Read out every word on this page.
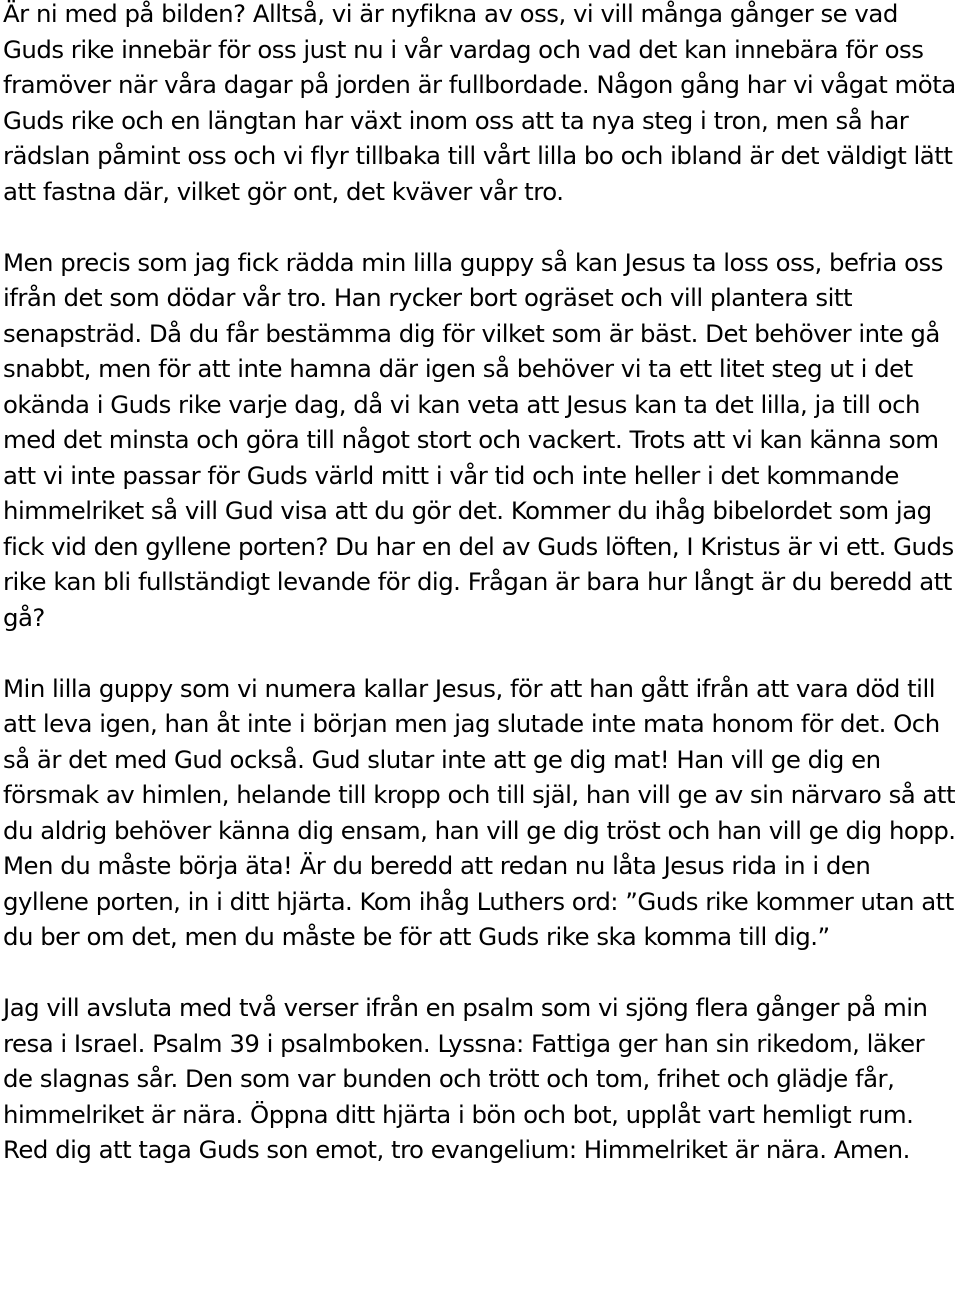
Är ni med på bilden? Alltså, vi är nyfikna av oss, vi vill många gånger se vad Guds rike innebär för oss just nu i vår vardag och vad det kan innebära för oss framöver när våra dagar på jorden är fullbordade. Någon gång har vi vågat möta Guds rike och en längtan har växt inom oss att ta nya steg i tron, men så har rädslan påmint oss och vi flyr tillbaka till vårt lilla bo och ibland är det väldigt lätt att fastna där, vilket gör ont, det kväver vår tro.

Men precis som jag fick rädda min lilla guppy så kan Jesus ta loss oss, befria oss ifrån det som dödar vår tro. Han rycker bort ogräset och vill plantera sitt senapsträd. Då du får bestämma dig för vilket som är bäst. Det behöver inte gå snabbt, men för att inte hamna där igen så behöver vi ta ett litet steg ut i det okända i Guds rike varje dag, då vi kan veta att Jesus kan ta det lilla, ja till och med det minsta och göra till något stort och vackert. Trots att vi kan känna som att vi inte passar för Guds värld mitt i vår tid och inte heller i det kommande himmelriket så vill Gud visa att du gör det. Kommer du ihåg bibelordet som jag fick vid den gyllene porten? Du har en del av Guds löften, I Kristus är vi ett. Guds rike kan bli fullständigt levande för dig. Frågan är bara hur långt är du beredd att gå?

Min lilla guppy som vi numera kallar Jesus, för att han gått ifrån att vara död till att leva igen, han åt inte i början men jag slutade inte mata honom för det. Och så är det med Gud också. Gud slutar inte att ge dig mat! Han vill ge dig en försmak av himlen, helande till kropp och till själ, han vill ge av sin närvaro så att du aldrig behöver känna dig ensam, han vill ge dig tröst och han vill ge dig hopp.

Men du måste börja äta! Är du beredd att redan nu låta Jesus rida in i den gyllene porten, in i ditt hjärta. Kom ihåg Luthers ord: ”Guds rike kommer utan att du ber om det, men du måste be för att Guds rike ska komma till dig.”

Jag vill avsluta med två verser ifrån en psalm som vi sjöng flera gånger på min resa i Israel. Psalm 39 i psalmboken. Lyssna: Fattiga ger han sin rikedom, läker de slagnas sår. Den som var bunden och trött och tom, frihet och glädje får, himmelriket är nära. Öppna ditt hjärta i bön och bot, upplåt vart hemligt rum. Red dig att taga Guds son emot, tro evangelium: Himmelriket är nära. Amen.
